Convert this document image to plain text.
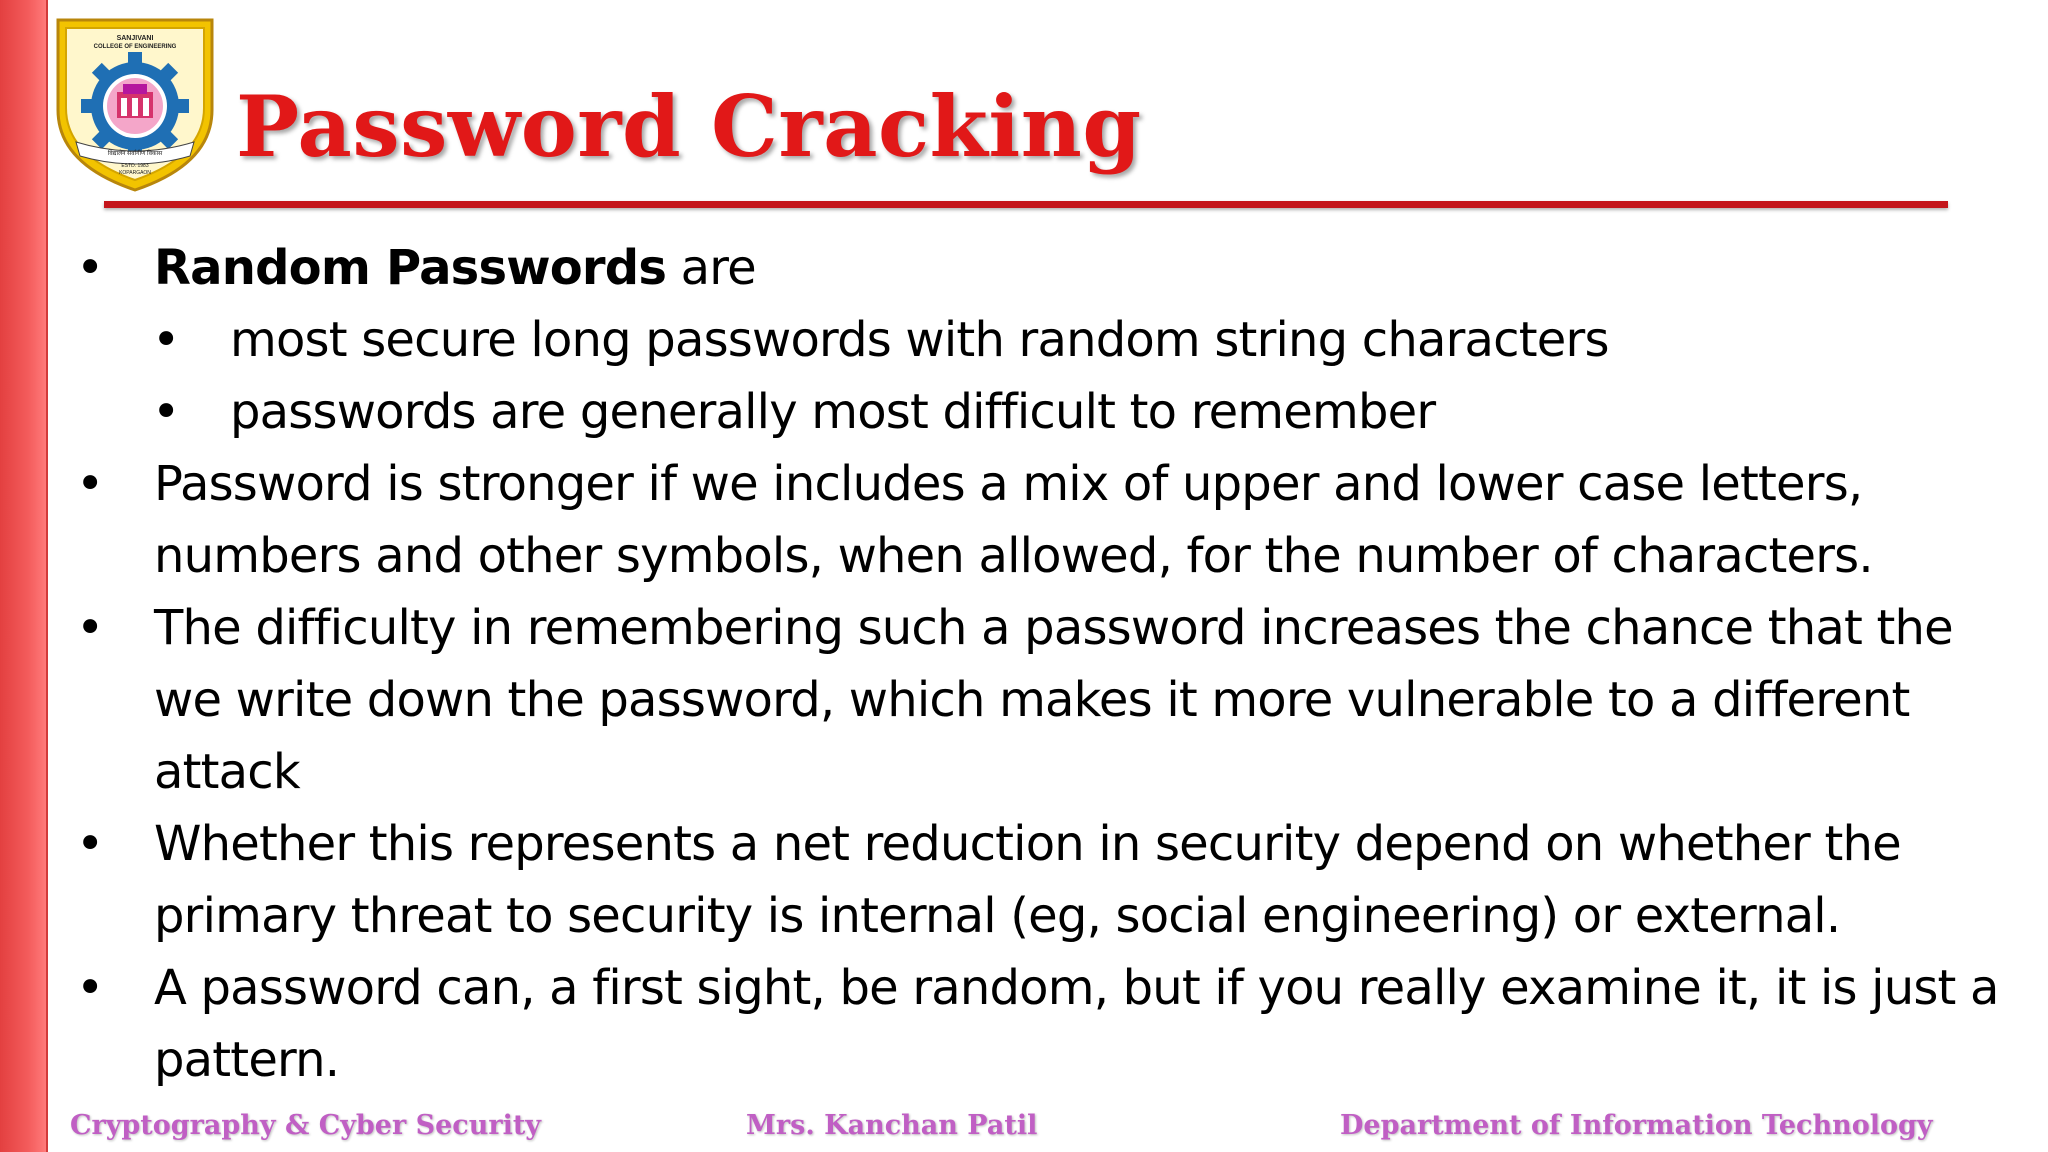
SANJIVANI
COLLEGE OF ENGINEERING
विद्यालेन सर्वांगीण विकास
ESTD. 1983
KOPARGAON Password Cracking

• Random Passwords are

• most secure long passwords with random string characters

• passwords are generally most difficult to remember

• Password is stronger if we includes a mix of upper and lower case letters, numbers and other symbols, when allowed, for the number of characters.

• The difficulty in remembering such a password increases the chance that the we write down the password, which makes it more vulnerable to a different attack

• Whether this represents a net reduction in security depend on whether the primary threat to security is internal (eg, social engineering) or external.

• A password can, a first sight, be random, but if you really examine it, it is just a pattern.

Cryptography & Cyber Security	Mrs. Kanchan Patil	Department of Information Technology
